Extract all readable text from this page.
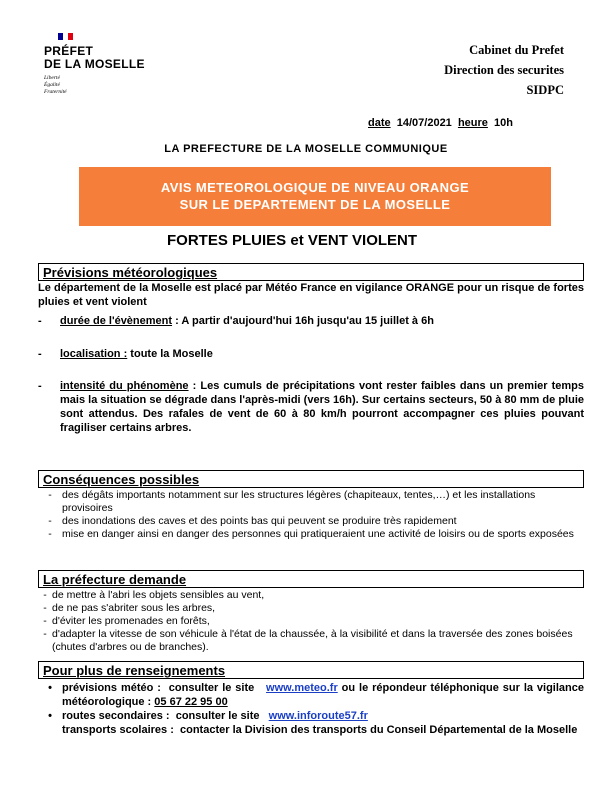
PRÉFET
DE LA MOSELLE
Liberté
Égalité
Fraternité
Cabinet du Prefet
Direction des securites
SIDPC
date 14/07/2021 heure 10h
LA PREFECTURE DE LA MOSELLE COMMUNIQUE
AVIS METEOROLOGIQUE DE NIVEAU ORANGE
SUR LE DEPARTEMENT DE LA MOSELLE
FORTES PLUIES et VENT VIOLENT
Prévisions météorologiques
Le département de la Moselle est placé par Météo France en vigilance ORANGE pour un risque de fortes pluies et vent violent
-	durée de l'évènement : A partir d'aujourd'hui 16h jusqu'au 15 juillet à 6h
-	localisation : toute la Moselle
-	intensité du phénomène : Les cumuls de précipitations vont rester faibles dans un premier temps mais la situation se dégrade dans l'après-midi (vers 16h). Sur certains secteurs, 50 à 80 mm de pluie sont attendus. Des rafales de vent de 60 à 80 km/h pourront accompagner ces pluies pouvant fragiliser certains arbres.
Conséquences possibles
- des dégâts importants notamment sur les structures légères (chapiteaux, tentes,…) et les installations provisoires
- des inondations des caves et des points bas qui peuvent se produire très rapidement
- mise en danger ainsi en danger des personnes qui pratiqueraient une activité de loisirs ou de sports exposées
La préfecture demande
- de mettre à l'abri les objets sensibles au vent,
- de ne pas s'abriter sous les arbres,
- d'éviter les promenades en forêts,
- d'adapter la vitesse de son véhicule à l'état de la chaussée, à la visibilité et dans la traversée des zones boisées (chutes d'arbres ou de branches).
Pour plus de renseignements
• prévisions météo : consulter le site www.meteo.fr ou le répondeur téléphonique sur la vigilance météorologique : 05 67 22 95 00
• routes secondaires : consulter le site www.inforoute57.fr
transports scolaires : contacter la Division des transports du Conseil Départemental de la Moselle
